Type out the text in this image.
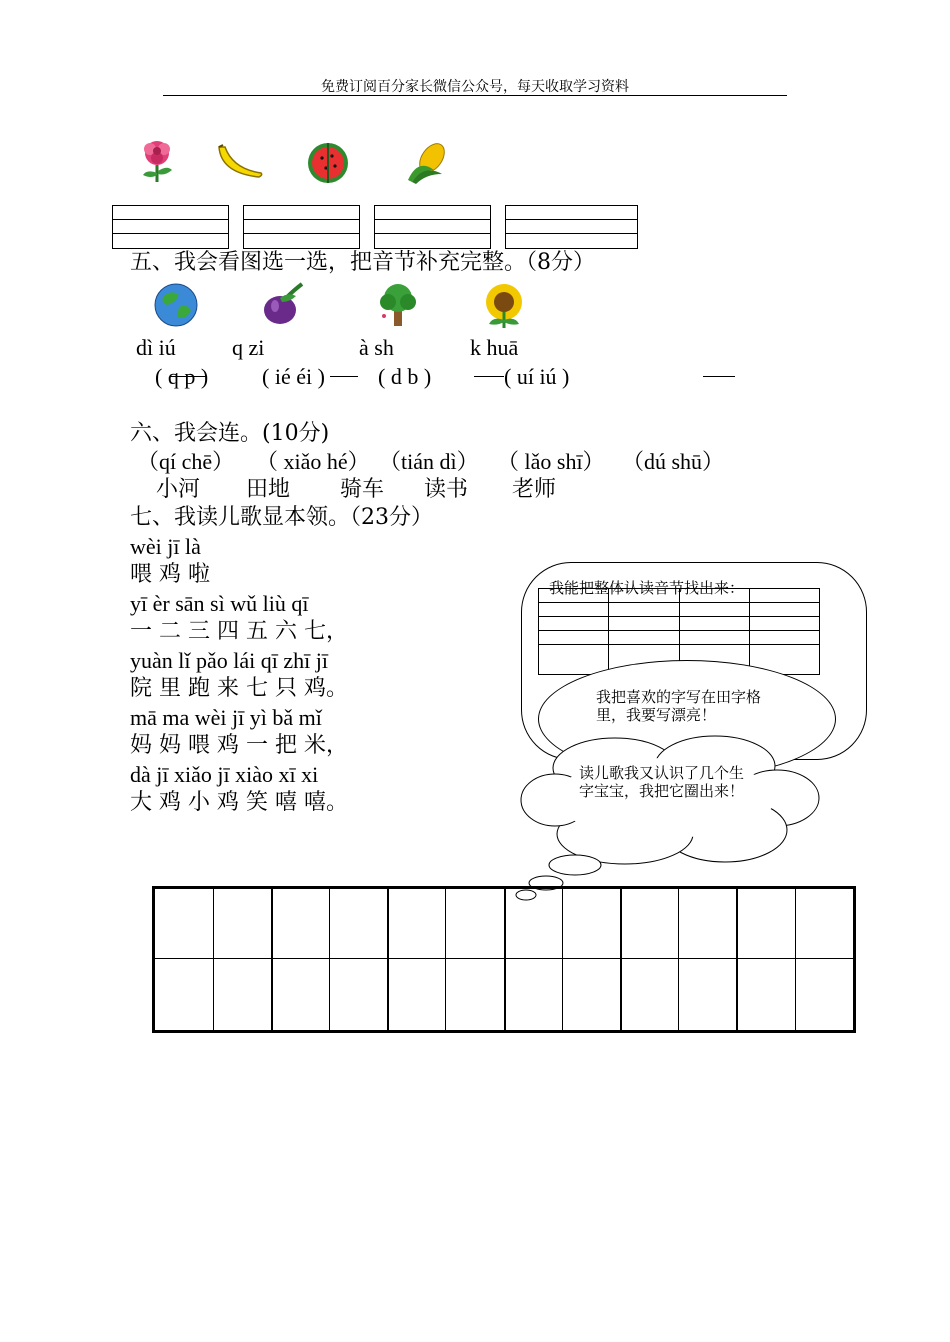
免费订阅百分家长微信公众号，每天收取学习资料
五、我会看图选一选，把音节补充完整。（8分）
dì iú	q zi	à sh	k huā
( q p ) ( ié éi ) ( d b )	( uí iú )
六、我会连。(10分)
（qí chē） （ xiǎo hé） （tián dì） （ lǎo shī） （dú shū）
小河 田地 骑车 读书 老师
七、我读儿歌显本领。（23分）
wèi jī là
喂 鸡 啦
yī èr sān sì wǔ liù qī
一 二 三 四 五 六 七，
yuàn lǐ pǎo lái qī zhī jī
院 里 跑 来 七 只 鸡。
mā ma wèi jī yì bǎ mǐ
妈 妈 喂 鸡 一 把 米，
dà jī xiǎo jī xiào xī xi
大 鸡 小 鸡 笑 嘻 嘻。
我能把整体认读音节找出来：

我把喜欢的字写在田字格里，我要写漂亮！
读儿歌我又认识了几个生字宝宝，我把它圈出来！
